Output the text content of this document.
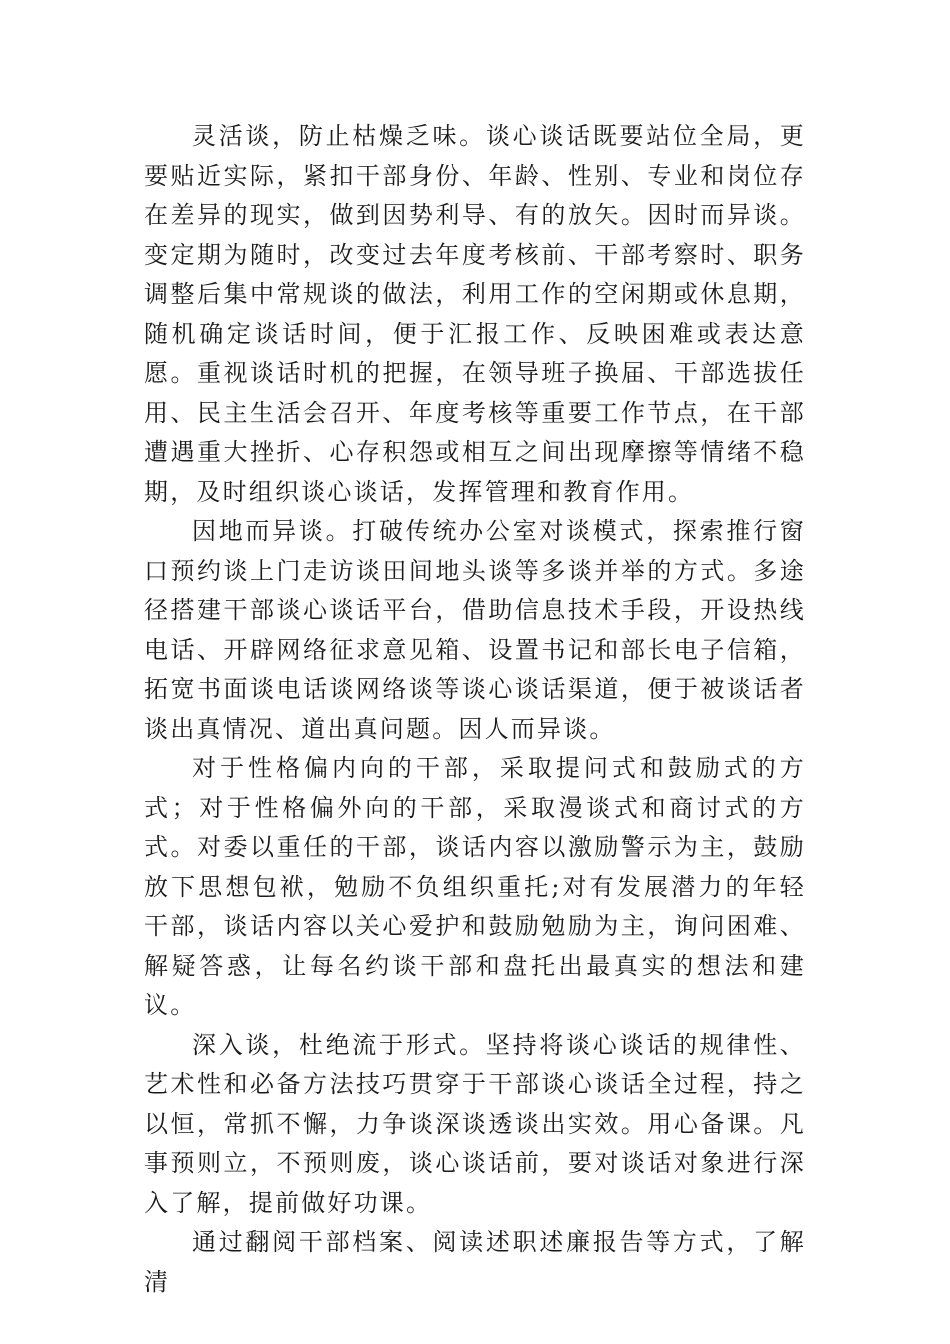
灵活谈，防止枯燥乏味。谈心谈话既要站位全局，更要贴近实际，紧扣干部身份、年龄、性别、专业和岗位存在差异的现实，做到因势利导、有的放矢。因时而异谈。变定期为随时，改变过去年度考核前、干部考察时、职务调整后集中常规谈的做法，利用工作的空闲期或休息期，随机确定谈话时间，便于汇报工作、反映困难或表达意愿。重视谈话时机的把握，在领导班子换届、干部选拔任用、民主生活会召开、年度考核等重要工作节点，在干部遭遇重大挫折、心存积怨或相互之间出现摩擦等情绪不稳期，及时组织谈心谈话，发挥管理和教育作用。

因地而异谈。打破传统办公室对谈模式，探索推行窗口预约谈上门走访谈田间地头谈等多谈并举的方式。多途径搭建干部谈心谈话平台，借助信息技术手段，开设热线电话、开辟网络征求意见箱、设置书记和部长电子信箱，拓宽书面谈电话谈网络谈等谈心谈话渠道，便于被谈话者谈出真情况、道出真问题。因人而异谈。

对于性格偏内向的干部，采取提问式和鼓励式的方式；对于性格偏外向的干部，采取漫谈式和商讨式的方式。对委以重任的干部，谈话内容以激励警示为主，鼓励放下思想包袱，勉励不负组织重托;对有发展潜力的年轻干部，谈话内容以关心爱护和鼓励勉励为主，询问困难、解疑答惑，让每名约谈干部和盘托出最真实的想法和建议。

深入谈，杜绝流于形式。坚持将谈心谈话的规律性、艺术性和必备方法技巧贯穿于干部谈心谈话全过程，持之以恒，常抓不懈，力争谈深谈透谈出实效。用心备课。凡事预则立，不预则废，谈心谈话前，要对谈话对象进行深入了解，提前做好功课。

通过翻阅干部档案、阅读述职述廉报告等方式，了解清
